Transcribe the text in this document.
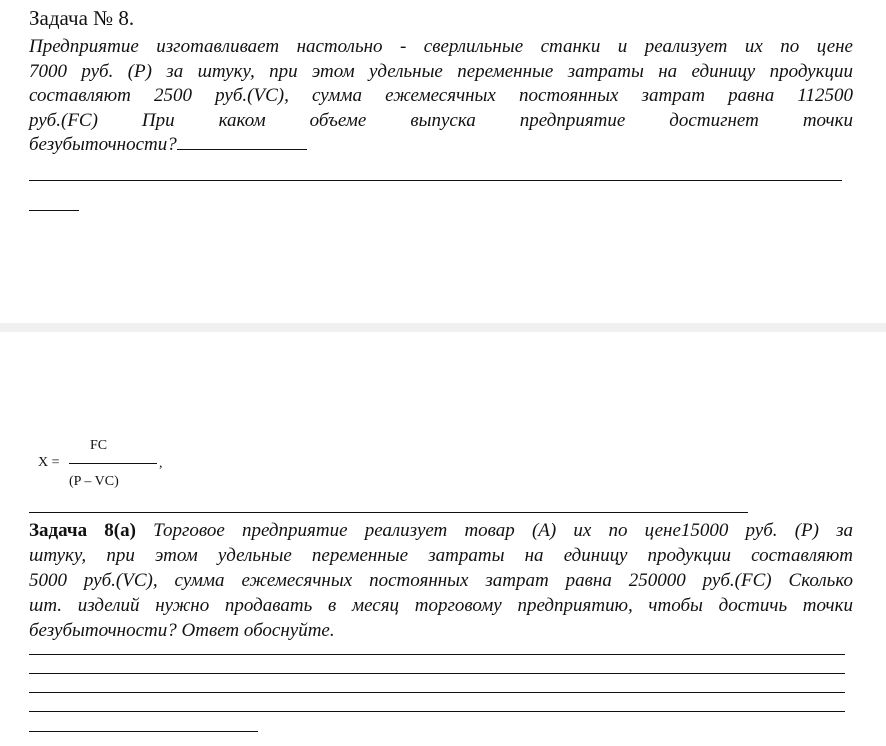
Задача № 8.
Предприятие изготавливает настольно - сверлильные станки и реализует их по цене
7000 руб. (P) за штуку, при этом удельные переменные затраты на единицу продукции
составляют 2500 руб.(VC), сумма ежемесячных постоянных затрат равна 112500
руб.(FC) При каком объеме выпуска предприятие достигнет точки
безубыточности?
X =
FC
,
(P – VC)
Задача 8(а) Торговое предприятие реализует товар (А) их по цене15000 руб. (P) за
штуку, при этом удельные переменные затраты на единицу продукции составляют
5000 руб.(VC), сумма ежемесячных постоянных затрат равна 250000 руб.(FC) Сколько
шт. изделий нужно продавать в месяц торговому предприятию, чтобы достичь точки
безубыточности? Ответ обоснуйте.
